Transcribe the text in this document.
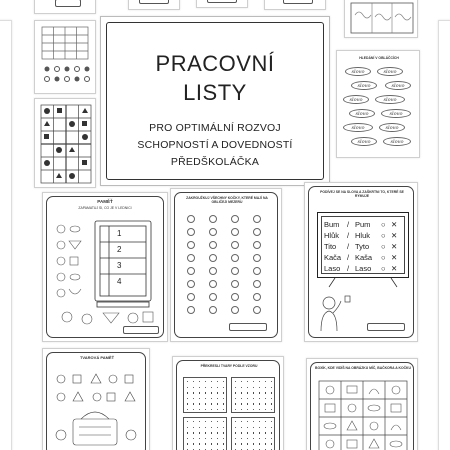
PRACOVNÍ
LISTY
PRO OPTIMÁLNÍ ROZVOJ
SCHOPNOSTÍ A DOVEDNOSTÍ
PŘEDŠKOLÁČKA
HLEDÁNÍ V OBLÁČCÍCH
slovo	slovo
slovo	slovo
slovo	slovo
slovo	slovo
slovo	slovo
slovo	slovo
PAMĚŤ
ZAPAMATUJ SI, CO JE V LEDNICI
1
2
3
4
ZAKROUŽKUJ VŠECHNY KOČKY, KTERÉ MAJÍ NA OBLIČEJI MEZERU
PODÍVEJ SE NA SLOVA A ZAŠKRTNI TO, KTERÉ SE RÝMUJE
Bum / Pum ○ ✕
Hlůk / Hluk ○ ✕
Tito / Tyto ○ ✕
Kača / Kaša ○ ✕
Laso / Laso ○ ✕
TVAROVÁ PAMĚŤ
PŘEKRESLI TVARY PODLE VZORU	BOXÍK, KDE VIDÍŠ NA OBRÁZKU MÍČ, BAČKORA A KOČKU
